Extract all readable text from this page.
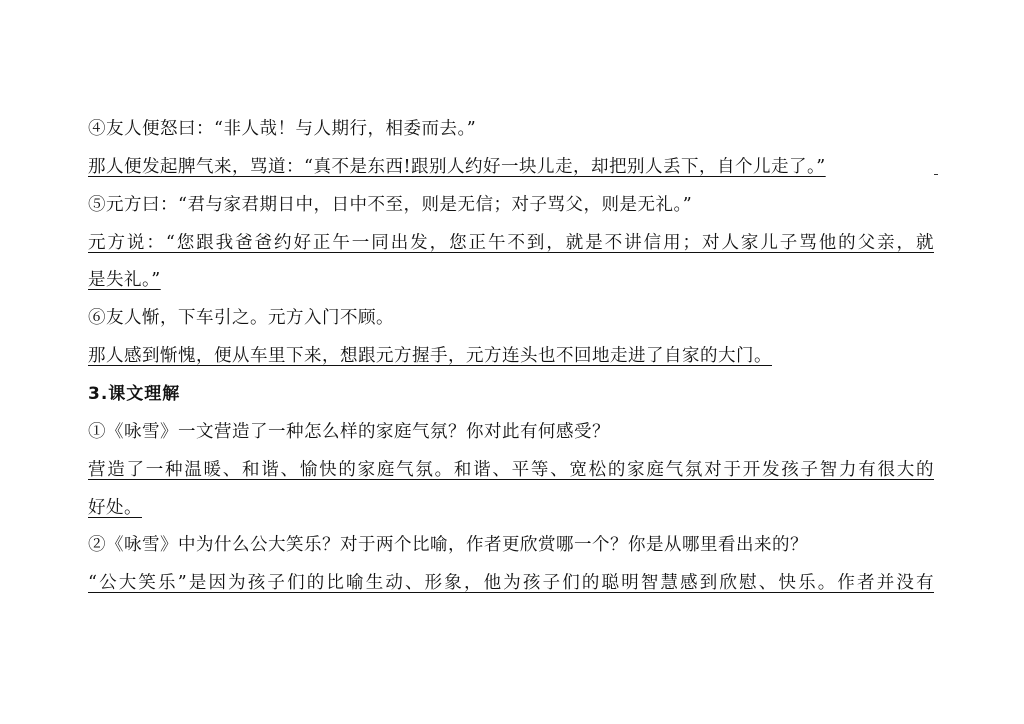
④友人便怒曰：“非人哉！与人期行，相委而去。”
那人便发起脾气来，骂道：“真不是东西!跟别人约好一块儿走，却把别人丢下，自个儿走了。”
⑤元方曰：“君与家君期日中，日中不至，则是无信；对子骂父，则是无礼。”
元方说：“您跟我爸爸约好正午一同出发，您正午不到，就是不讲信用；对人家儿子骂他的父亲，就
是失礼。”
⑥友人惭，下车引之。元方入门不顾。
那人感到惭愧，便从车里下来，想跟元方握手，元方连头也不回地走进了自家的大门。
3.课文理解
①《咏雪》一文营造了一种怎么样的家庭气氛？你对此有何感受？
营造了一种温暖、和谐、愉快的家庭气氛。和谐、平等、宽松的家庭气氛对于开发孩子智力有很大的
好处。
②《咏雪》中为什么公大笑乐？对于两个比喻，作者更欣赏哪一个？你是从哪里看出来的？
“公大笑乐”是因为孩子们的比喻生动、形象，他为孩子们的聪明智慧感到欣慰、快乐。作者并没有
